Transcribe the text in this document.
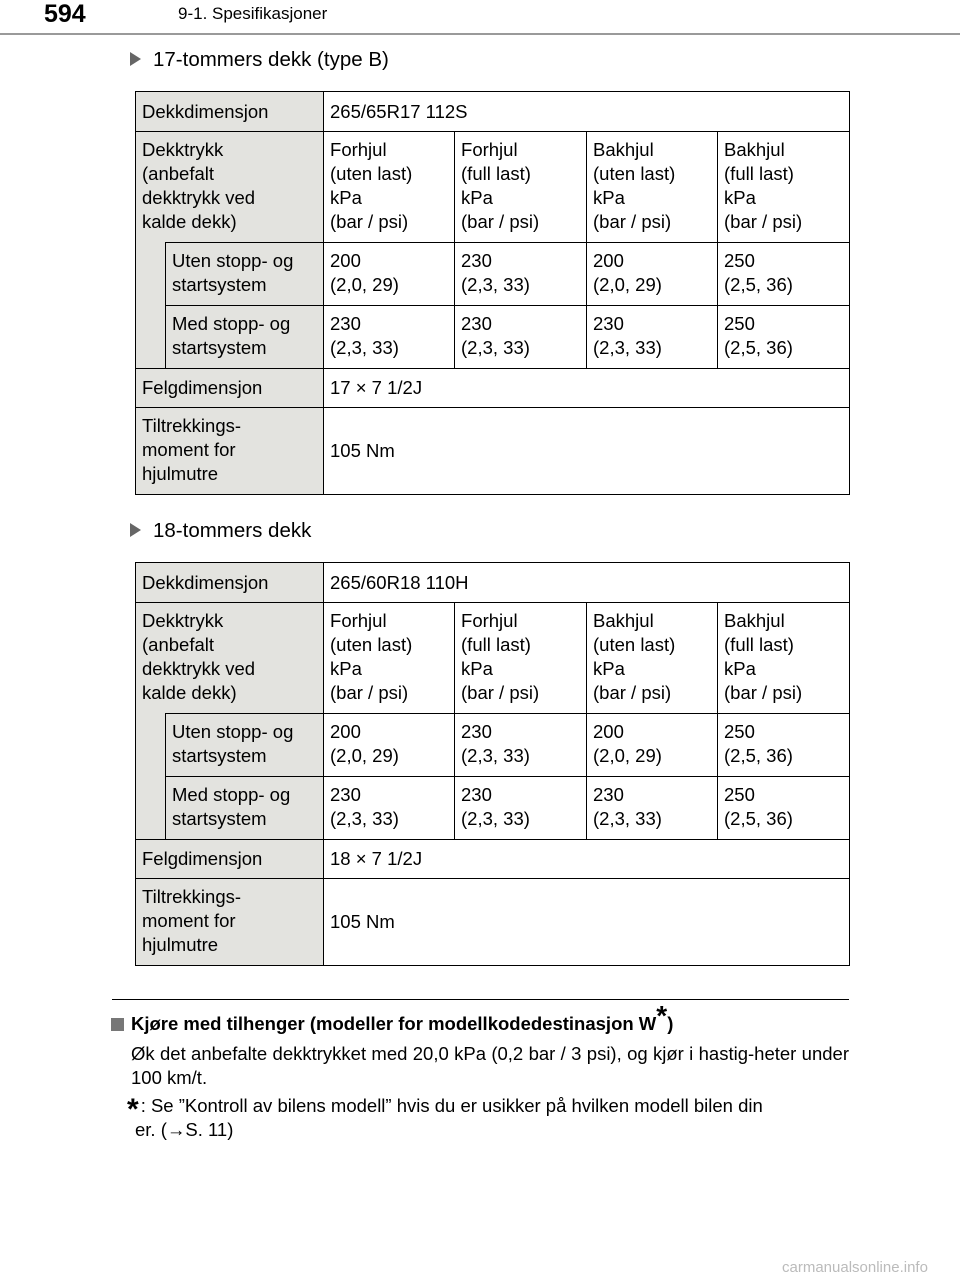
594	9-1. Spesifikasjoner
17-tommers dekk (type B)
Dekkdimensjon		265/65R17 112S			
Dekktrykk
(anbefalt
dekktrykk ved
kalde dekk)		Forhjul
(uten last)
kPa
(bar / psi)	Forhjul
(full last)
kPa
(bar / psi)	Bakhjul
(uten last)
kPa
(bar / psi)	Bakhjul
(full last)
kPa
(bar / psi)
	Uten stopp- og
startsystem	200
(2,0, 29)	230
(2,3, 33)	200
(2,0, 29)	250
(2,5, 36)
	Med stopp- og
startsystem	230
(2,3, 33)	230
(2,3, 33)	230
(2,3, 33)	250
(2,5, 36)
Felgdimensjon		17 × 7 1/2J			
Tiltrekkings-
moment for
hjulmutre		105 Nm			
18-tommers dekk
Dekkdimensjon		265/60R18 110H			
Dekktrykk
(anbefalt
dekktrykk ved
kalde dekk)		Forhjul
(uten last)
kPa
(bar / psi)	Forhjul
(full last)
kPa
(bar / psi)	Bakhjul
(uten last)
kPa
(bar / psi)	Bakhjul
(full last)
kPa
(bar / psi)
	Uten stopp- og
startsystem	200
(2,0, 29)	230
(2,3, 33)	200
(2,0, 29)	250
(2,5, 36)
	Med stopp- og
startsystem	230
(2,3, 33)	230
(2,3, 33)	230
(2,3, 33)	250
(2,5, 36)
Felgdimensjon		18 × 7 1/2J			
Tiltrekkings-
moment for
hjulmutre		105 Nm			
Kjøre med tilhenger (modeller for modellkodedestinasjon W*)
Øk det anbefalte dekktrykket med 20,0 kPa (0,2 bar / 3 psi), og kjør i hastig-heter under 100 km/t.
* : Se ”Kontroll av bilens modell” hvis du er usikker på hvilken modell bilen din
er. (→S. 11)
carmanualsonline.info
